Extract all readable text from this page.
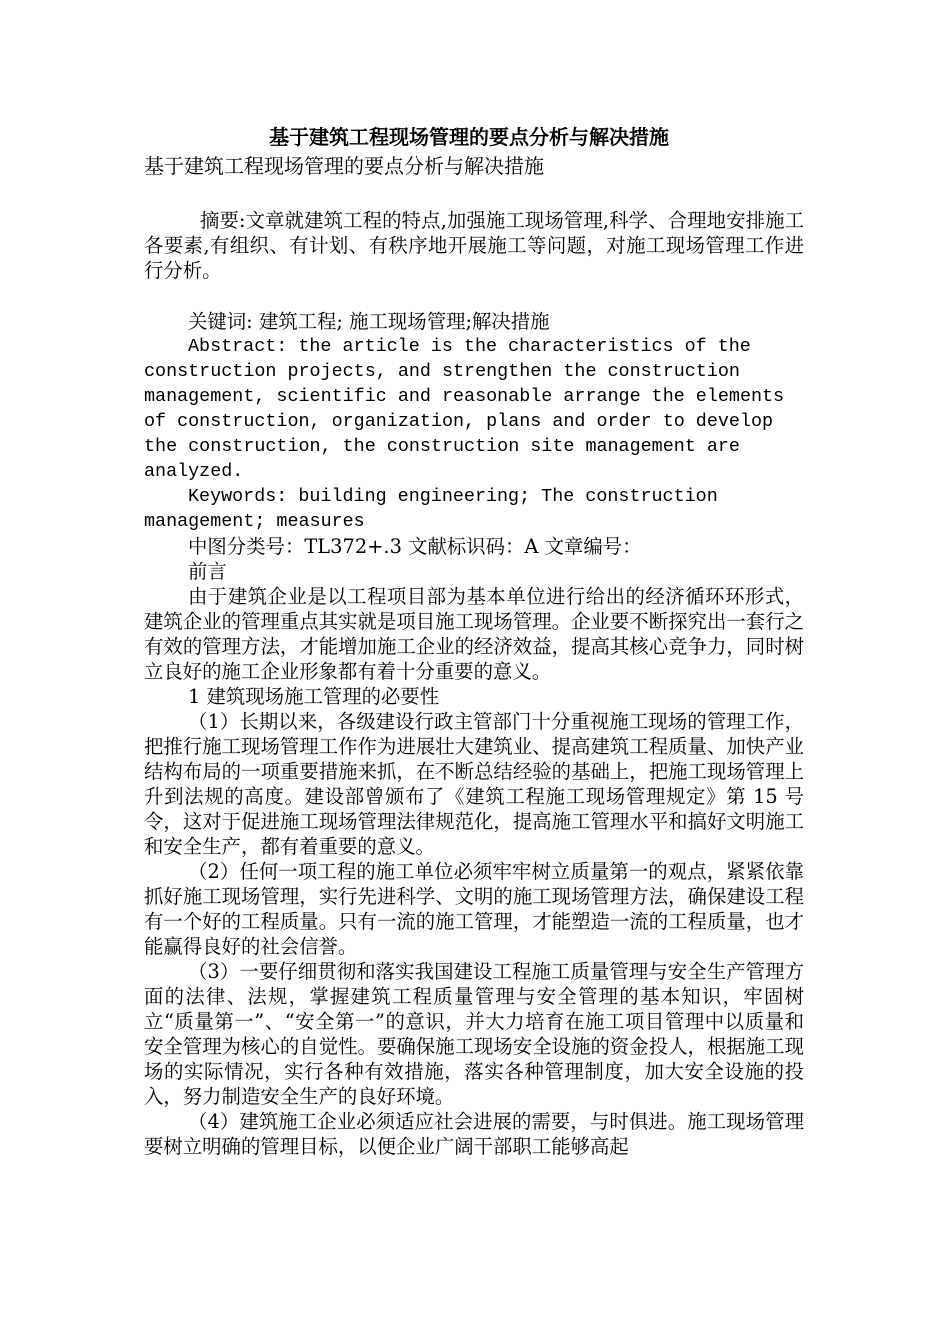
基于建筑工程现场管理的要点分析与解决措施
基于建筑工程现场管理的要点分析与解决措施

摘要:文章就建筑工程的特点,加强施工现场管理,科学、合理地安排施工各要素,有组织、有计划、有秩序地开展施工等问题，对施工现场管理工作进行分析。

关键词: 建筑工程; 施工现场管理;解决措施

Abstract: the article is the characteristics of the construction projects, and strengthen the construction management, scientific and reasonable arrange the elements of construction, organization, plans and order to develop the construction, the construction site management are analyzed.

Keywords: building engineering; The construction management; measures

中图分类号：TL372+.3 文献标识码：A 文章编号：

前言

由于建筑企业是以工程项目部为基本单位进行给出的经济循环环形式，建筑企业的管理重点其实就是项目施工现场管理。企业要不断探究出一套行之有效的管理方法，才能增加施工企业的经济效益，提高其核心竞争力，同时树立良好的施工企业形象都有着十分重要的意义。

1 建筑现场施工管理的必要性

（1）长期以来，各级建设行政主管部门十分重视施工现场的管理工作，把推行施工现场管理工作作为进展壮大建筑业、提高建筑工程质量、加快产业结构布局的一项重要措施来抓，在不断总结经验的基础上，把施工现场管理上升到法规的高度。建设部曾颁布了《建筑工程施工现场管理规定》第 15 号令，这对于促进施工现场管理法律规范化，提高施工管理水平和搞好文明施工和安全生产，都有着重要的意义。

（2）任何一项工程的施工单位必须牢牢树立质量第一的观点，紧紧依靠抓好施工现场管理，实行先进科学、文明的施工现场管理方法，确保建设工程有一个好的工程质量。只有一流的施工管理，才能塑造一流的工程质量，也才能赢得良好的社会信誉。

（3）一要仔细贯彻和落实我国建设工程施工质量管理与安全生产管理方面的法律、法规，掌握建筑工程质量管理与安全管理的基本知识，牢固树立“质量第一”、“安全第一”的意识，并大力培育在施工项目管理中以质量和安全管理为核心的自觉性。要确保施工现场安全设施的资金投人，根据施工现场的实际情况，实行各种有效措施，落实各种管理制度，加大安全设施的投入，努力制造安全生产的良好环境。

（4）建筑施工企业必须适应社会进展的需要，与时俱进。施工现场管理要树立明确的管理目标，以便企业广阔干部职工能够高起
